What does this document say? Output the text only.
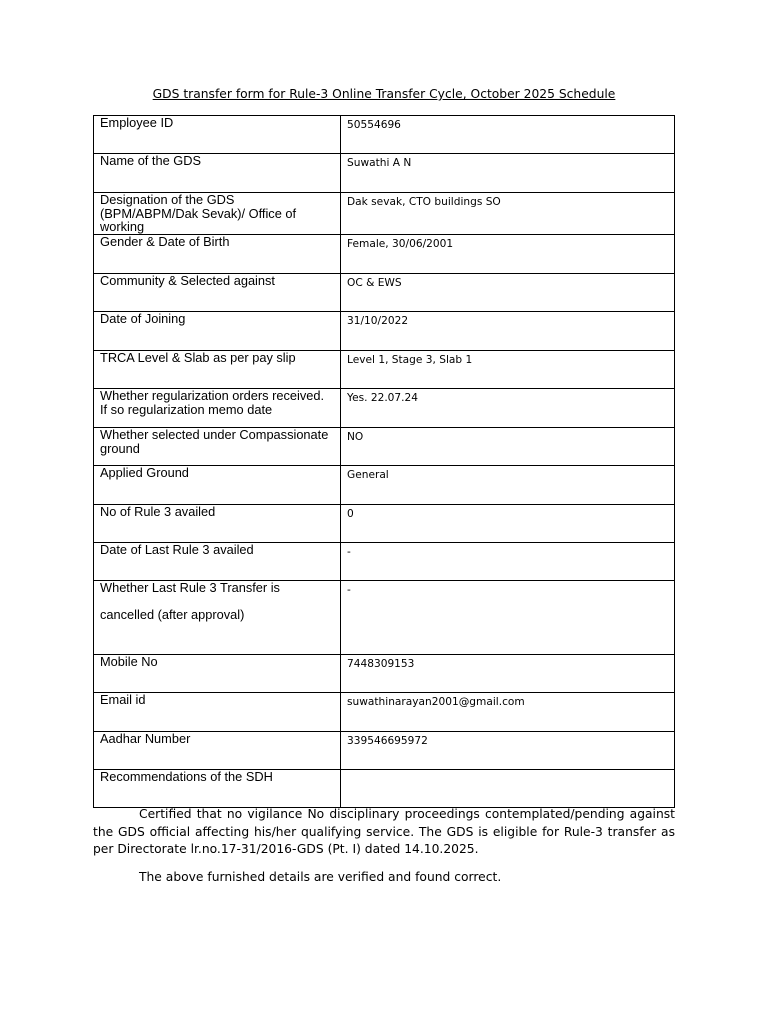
GDS transfer form for Rule-3 Online Transfer Cycle, October 2025 Schedule
Employee ID	50554696

Name of the GDS	Suwathi A N

Designation of the GDS
(BPM/ABPM/Dak Sevak)/ Office of
working	Dak sevak, CTO buildings SO

Gender & Date of Birth	Female, 30/06/2001

Community & Selected against	OC & EWS

Date of Joining	31/10/2022

TRCA Level & Slab as per pay slip	Level 1, Stage 3, Slab 1

Whether regularization orders received.
If so regularization memo date	Yes. 22.07.24

Whether selected under Compassionate
ground	NO

Applied Ground	General

No of Rule 3 availed	0

Date of Last Rule 3 availed	-

Whether Last Rule 3 Transfer is

cancelled (after approval)	-

Mobile No	7448309153

Email id	suwathinarayan2001@gmail.com

Aadhar Number	339546695972

Recommendations of the SDH	

Certified that no vigilance No disciplinary proceedings contemplated/pending against the GDS official affecting his/her qualifying service. The GDS is eligible for Rule-3 transfer as per Directorate lr.no.17-31/2016-GDS (Pt. I) dated 14.10.2025.

The above furnished details are verified and found correct.
